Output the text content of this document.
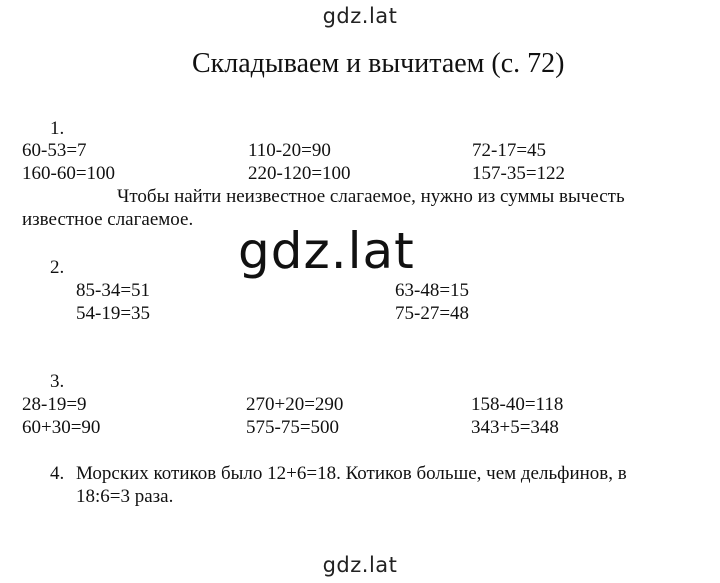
gdz.lat
Складываем и вычитаем (с. 72)
1.
60-53=7	110-20=90	72-17=45
160-60=100	220-120=100	157-35=122
Чтобы найти неизвестное слагаемое, нужно из суммы вычесть
известное слагаемое.
gdz.lat
2.
85-34=51	63-48=15
54-19=35	75-27=48
3.
28-19=9	270+20=290	158-40=118
60+30=90	575-75=500	343+5=348
4. Морских котиков было 12+6=18. Котиков больше, чем дельфинов, в
18:6=3 раза.
gdz.lat
